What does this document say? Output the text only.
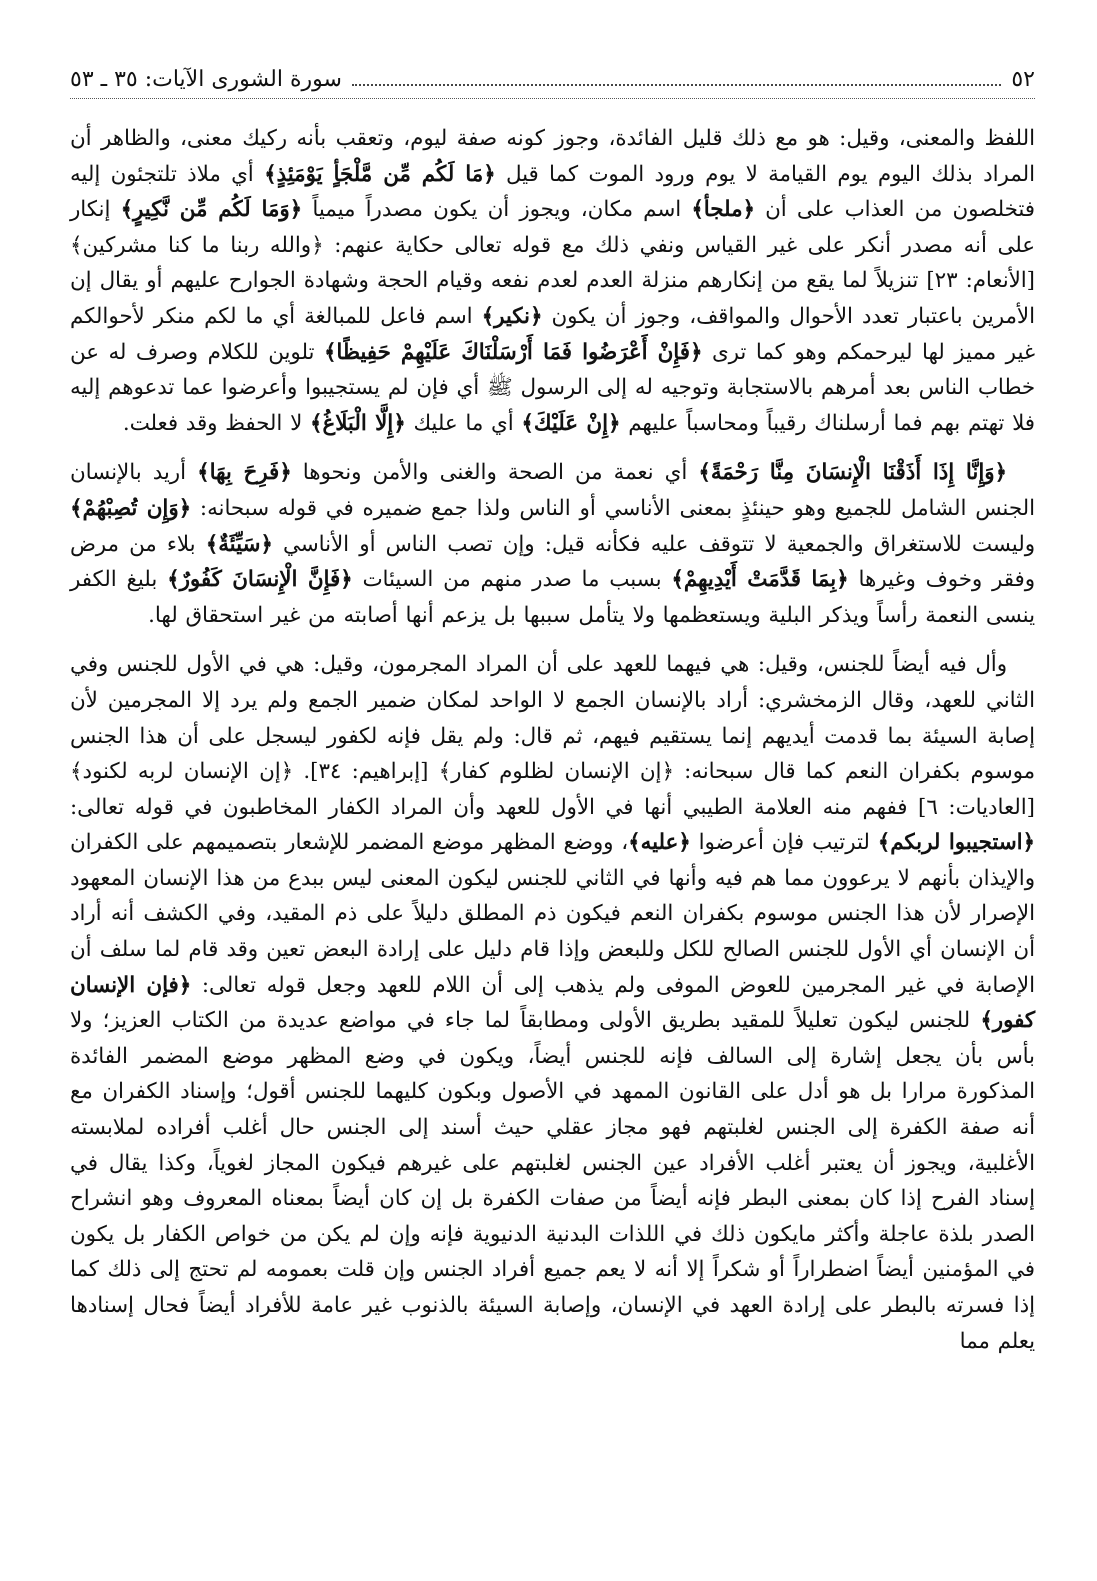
٥٢
سورة الشورى الآيات: ٣٥ ـ ٥٣

اللفظ والمعنى، وقيل: هو مع ذلك قليل الفائدة، وجوز كونه صفة ليوم، وتعقب بأنه ركيك معنى، والظاهر أن المراد بذلك اليوم يوم القيامة لا يوم ورود الموت كما قيل ﴿مَا لَكُم مِّن مَّلْجَأٍ يَوْمَئِذٍ﴾ أي ملاذ تلتجئون إليه فتخلصون من العذاب على أن ﴿ملجأ﴾ اسم مكان، ويجوز أن يكون مصدراً ميمياً ﴿وَمَا لَكُم مِّن نَّكِيرٍ﴾ إنكار على أنه مصدر أنكر على غير القياس ونفي ذلك مع قوله تعالى حكاية عنهم: ﴿والله ربنا ما كنا مشركين﴾ [الأنعام: ٢٣] تنزيلاً لما يقع من إنكارهم منزلة العدم لعدم نفعه وقيام الحجة وشهادة الجوارح عليهم أو يقال إن الأمرين باعتبار تعدد الأحوال والمواقف، وجوز أن يكون ﴿نكير﴾ اسم فاعل للمبالغة أي ما لكم منكر لأحوالكم غير مميز لها ليرحمكم وهو كما ترى ﴿فَإِنْ أَعْرَضُوا فَمَا أَرْسَلْنَاكَ عَلَيْهِمْ حَفِيظًا﴾ تلوين للكلام وصرف له عن خطاب الناس بعد أمرهم بالاستجابة وتوجيه له إلى الرسول ﷺ أي فإن لم يستجيبوا وأعرضوا عما تدعوهم إليه فلا تهتم بهم فما أرسلناك رقيباً ومحاسباً عليهم ﴿إِنْ عَلَيْكَ﴾ أي ما عليك ﴿إِلَّا الْبَلَاغُ﴾ لا الحفظ وقد فعلت.

﴿وَإِنَّا إِذَا أَذَقْنَا الْإِنسَانَ مِنَّا رَحْمَةً﴾ أي نعمة من الصحة والغنى والأمن ونحوها ﴿فَرِحَ بِهَا﴾ أريد بالإنسان الجنس الشامل للجميع وهو حينئذٍ بمعنى الأناسي أو الناس ولذا جمع ضميره في قوله سبحانه: ﴿وَإِن تُصِبْهُمْ﴾ وليست للاستغراق والجمعية لا تتوقف عليه فكأنه قيل: وإن تصب الناس أو الأناسي ﴿سَيِّئَةٌ﴾ بلاء من مرض وفقر وخوف وغيرها ﴿بِمَا قَدَّمَتْ أَيْدِيهِمْ﴾ بسبب ما صدر منهم من السيئات ﴿فَإِنَّ الْإِنسَانَ كَفُورٌ﴾ بليغ الكفر ينسى النعمة رأساً ويذكر البلية ويستعظمها ولا يتأمل سببها بل يزعم أنها أصابته من غير استحقاق لها.

وأل فيه أيضاً للجنس، وقيل: هي فيهما للعهد على أن المراد المجرمون، وقيل: هي في الأول للجنس وفي الثاني للعهد، وقال الزمخشري: أراد بالإنسان الجمع لا الواحد لمكان ضمير الجمع ولم يرد إلا المجرمين لأن إصابة السيئة بما قدمت أيديهم إنما يستقيم فيهم، ثم قال: ولم يقل فإنه لكفور ليسجل على أن هذا الجنس موسوم بكفران النعم كما قال سبحانه: ﴿إن الإنسان لظلوم كفار﴾ [إبراهيم: ٣٤]. ﴿إن الإنسان لربه لكنود﴾ [العاديات: ٦] ففهم منه العلامة الطيبي أنها في الأول للعهد وأن المراد الكفار المخاطبون في قوله تعالى: ﴿استجيبوا لربكم﴾ لترتيب فإن أعرضوا ﴿عليه﴾، ووضع المظهر موضع المضمر للإشعار بتصميمهم على الكفران والإيذان بأنهم لا يرعوون مما هم فيه وأنها في الثاني للجنس ليكون المعنى ليس ببدع من هذا الإنسان المعهود الإصرار لأن هذا الجنس موسوم بكفران النعم فيكون ذم المطلق دليلاً على ذم المقيد، وفي الكشف أنه أراد أن الإنسان أي الأول للجنس الصالح للكل وللبعض وإذا قام دليل على إرادة البعض تعين وقد قام لما سلف أن الإصابة في غير المجرمين للعوض الموفى ولم يذهب إلى أن اللام للعهد وجعل قوله تعالى: ﴿فإن الإنسان كفور﴾ للجنس ليكون تعليلاً للمقيد بطريق الأولى ومطابقاً لما جاء في مواضع عديدة من الكتاب العزيز؛ ولا بأس بأن يجعل إشارة إلى السالف فإنه للجنس أيضاً، ويكون في وضع المظهر موضع المضمر الفائدة المذكورة مرارا بل هو أدل على القانون الممهد في الأصول وبكون كليهما للجنس أقول؛ وإسناد الكفران مع أنه صفة الكفرة إلى الجنس لغلبتهم فهو مجاز عقلي حيث أسند إلى الجنس حال أغلب أفراده لملابسته الأغلبية، ويجوز أن يعتبر أغلب الأفراد عين الجنس لغلبتهم على غيرهم فيكون المجاز لغوياً، وكذا يقال في إسناد الفرح إذا كان بمعنى البطر فإنه أيضاً من صفات الكفرة بل إن كان أيضاً بمعناه المعروف وهو انشراح الصدر بلذة عاجلة وأكثر مايكون ذلك في اللذات البدنية الدنيوية فإنه وإن لم يكن من خواص الكفار بل يكون في المؤمنين أيضاً اضطراراً أو شكراً إلا أنه لا يعم جميع أفراد الجنس وإن قلت بعمومه لم تحتج إلى ذلك كما إذا فسرته بالبطر على إرادة العهد في الإنسان، وإصابة السيئة بالذنوب غير عامة للأفراد أيضاً فحال إسنادها يعلم مما
